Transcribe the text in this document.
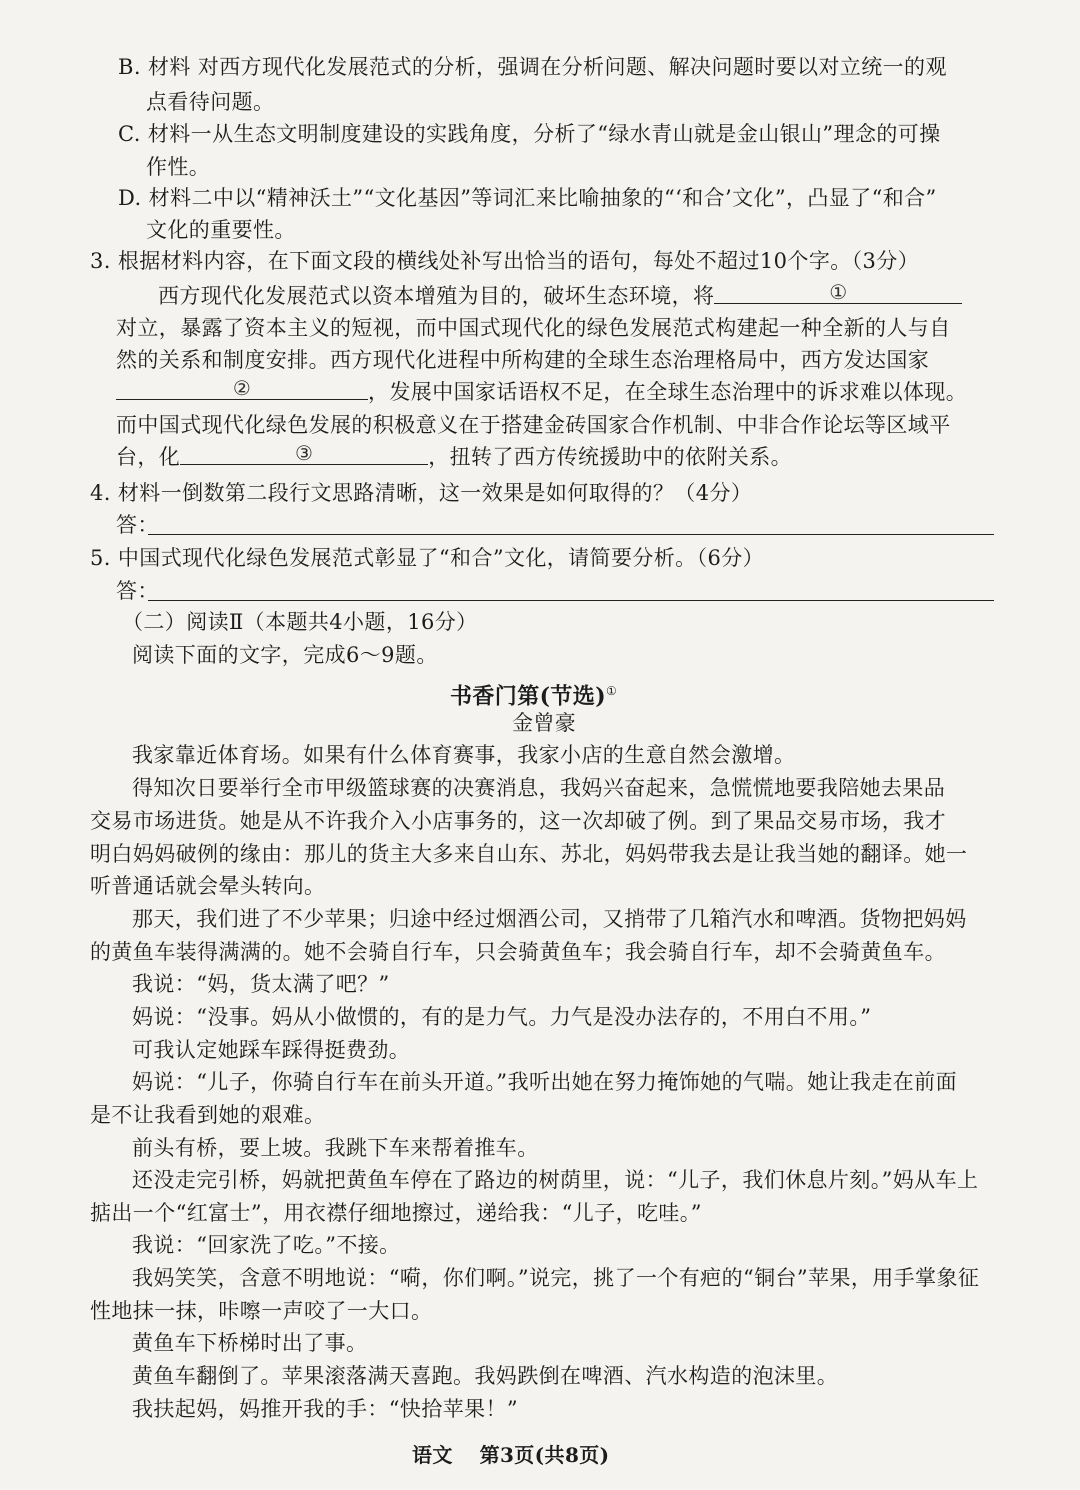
B. 材料 对西方现代化发展范式的分析，强调在分析问题、解决问题时要以对立统一的观
点看待问题。
C. 材料一从生态文明制度建设的实践角度，分析了“绿水青山就是金山银山”理念的可操
作性。
D. 材料二中以“精神沃土”“文化基因”等词汇来比喻抽象的“‘和合’文化”，凸显了“和合”
文化的重要性。
3. 根据材料内容，在下面文段的横线处补写出恰当的语句，每处不超过10个字。（3分）
西方现代化发展范式以资本增殖为目的，破坏生态环境，将	①
对立，暴露了资本主义的短视，而中国式现代化的绿色发展范式构建起一种全新的人与自
然的关系和制度安排。西方现代化进程中所构建的全球生态治理格局中，西方发达国家
②	，发展中国家话语权不足，在全球生态治理中的诉求难以体现。
而中国式现代化绿色发展的积极意义在于搭建金砖国家合作机制、中非合作论坛等区域平
台，化	③	，扭转了西方传统援助中的依附关系。
4. 材料一倒数第二段行文思路清晰，这一效果是如何取得的？（4分）
答：
5. 中国式现代化绿色发展范式彰显了“和合”文化，请简要分析。（6分）
答：
（二）阅读Ⅱ（本题共4小题，16分）
阅读下面的文字，完成6～9题。
书香门第(节选)①
金曾豪
我家靠近体育场。如果有什么体育赛事，我家小店的生意自然会激增。
得知次日要举行全市甲级篮球赛的决赛消息，我妈兴奋起来，急慌慌地要我陪她去果品
交易市场进货。她是从不许我介入小店事务的，这一次却破了例。到了果品交易市场，我才
明白妈妈破例的缘由：那儿的货主大多来自山东、苏北，妈妈带我去是让我当她的翻译。她一
听普通话就会晕头转向。
那天，我们进了不少苹果；归途中经过烟酒公司，又捎带了几箱汽水和啤酒。货物把妈妈
的黄鱼车装得满满的。她不会骑自行车，只会骑黄鱼车；我会骑自行车，却不会骑黄鱼车。
我说：“妈，货太满了吧？”
妈说：“没事。妈从小做惯的，有的是力气。力气是没办法存的，不用白不用。”
可我认定她踩车踩得挺费劲。
妈说：“儿子，你骑自行车在前头开道。”我听出她在努力掩饰她的气喘。她让我走在前面
是不让我看到她的艰难。
前头有桥，要上坡。我跳下车来帮着推车。
还没走完引桥，妈就把黄鱼车停在了路边的树荫里，说：“儿子，我们休息片刻。”妈从车上
掂出一个“红富士”，用衣襟仔细地擦过，递给我：“儿子，吃哇。”
我说：“回家洗了吃。”不接。
我妈笑笑，含意不明地说：“嗬，你们啊。”说完，挑了一个有疤的“铜台”苹果，用手掌象征
性地抹一抹，咔嚓一声咬了一大口。
黄鱼车下桥梯时出了事。
黄鱼车翻倒了。苹果滚落满天喜跑。我妈跌倒在啤酒、汽水构造的泡沫里。
我扶起妈，妈推开我的手：“快拾苹果！”
语文 第3页(共8页)
